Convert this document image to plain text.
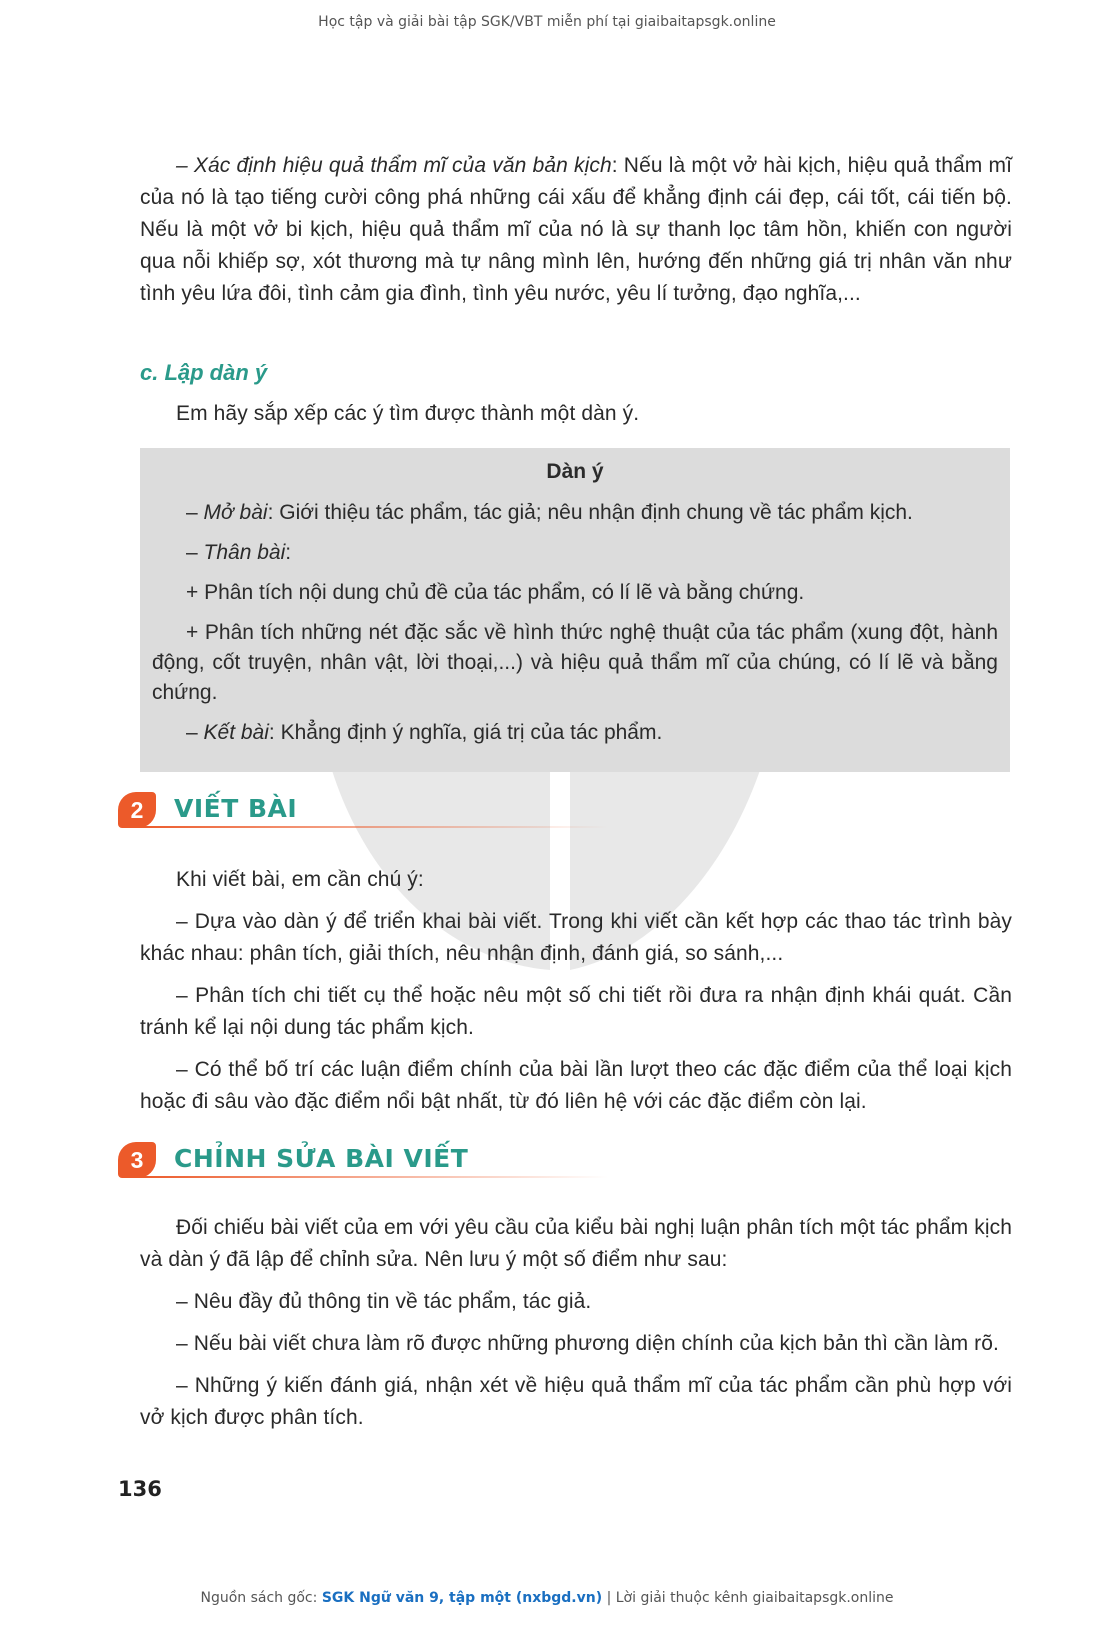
Học tập và giải bài tập SGK/VBT miễn phí tại giaibaitapsgk.online

– Xác định hiệu quả thẩm mĩ của văn bản kịch: Nếu là một vở hài kịch, hiệu quả thẩm mĩ của nó là tạo tiếng cười công phá những cái xấu để khẳng định cái đẹp, cái tốt, cái tiến bộ. Nếu là một vở bi kịch, hiệu quả thẩm mĩ của nó là sự thanh lọc tâm hồn, khiến con người qua nỗi khiếp sợ, xót thương mà tự nâng mình lên, hướng đến những giá trị nhân văn như tình yêu lứa đôi, tình cảm gia đình, tình yêu nước, yêu lí tưởng, đạo nghĩa,...

c. Lập dàn ý

Em hãy sắp xếp các ý tìm được thành một dàn ý.

Dàn ý
– Mở bài: Giới thiệu tác phẩm, tác giả; nêu nhận định chung về tác phẩm kịch.
– Thân bài:
+ Phân tích nội dung chủ đề của tác phẩm, có lí lẽ và bằng chứng.
+ Phân tích những nét đặc sắc về hình thức nghệ thuật của tác phẩm (xung đột, hành động, cốt truyện, nhân vật, lời thoại,...) và hiệu quả thẩm mĩ của chúng, có lí lẽ và bằng chứng.
– Kết bài: Khẳng định ý nghĩa, giá trị của tác phẩm.
2	VIẾT BÀI

Khi viết bài, em cần chú ý:

– Dựa vào dàn ý để triển khai bài viết. Trong khi viết cần kết hợp các thao tác trình bày khác nhau: phân tích, giải thích, nêu nhận định, đánh giá, so sánh,...

– Phân tích chi tiết cụ thể hoặc nêu một số chi tiết rồi đưa ra nhận định khái quát. Cần tránh kể lại nội dung tác phẩm kịch.

– Có thể bố trí các luận điểm chính của bài lần lượt theo các đặc điểm của thể loại kịch hoặc đi sâu vào đặc điểm nổi bật nhất, từ đó liên hệ với các đặc điểm còn lại.

3	CHỈNH SỬA BÀI VIẾT

Đối chiếu bài viết của em với yêu cầu của kiểu bài nghị luận phân tích một tác phẩm kịch và dàn ý đã lập để chỉnh sửa. Nên lưu ý một số điểm như sau:

– Nêu đầy đủ thông tin về tác phẩm, tác giả.

– Nếu bài viết chưa làm rõ được những phương diện chính của kịch bản thì cần làm rõ.

– Những ý kiến đánh giá, nhận xét về hiệu quả thẩm mĩ của tác phẩm cần phù hợp với vở kịch được phân tích.

136
Nguồn sách gốc: SGK Ngữ văn 9, tập một (nxbgd.vn) | Lời giải thuộc kênh giaibaitapsgk.online
